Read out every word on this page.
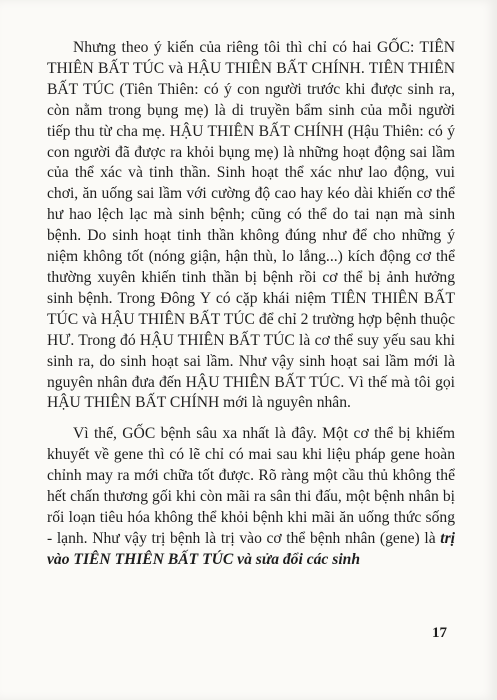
Nhưng theo ý kiến của riêng tôi thì chỉ có hai GỐC: TIÊN THIÊN BẤT TÚC và HẬU THIÊN BẤT CHÍNH. TIÊN THIÊN BẤT TÚC (Tiên Thiên: có ý con người trước khi được sinh ra, còn nằm trong bụng mẹ) là di truyền bẩm sinh của mỗi người tiếp thu từ cha mẹ. HẬU THIÊN BẤT CHÍNH (Hậu Thiên: có ý con người đã được ra khỏi bụng mẹ) là những hoạt động sai lầm của thể xác và tinh thần. Sinh hoạt thể xác như lao động, vui chơi, ăn uống sai lầm với cường độ cao hay kéo dài khiến cơ thể hư hao lệch lạc mà sinh bệnh; cũng có thể do tai nạn mà sinh bệnh. Do sinh hoạt tinh thần không đúng như để cho những ý niệm không tốt (nóng giận, hận thù, lo lắng...) kích động cơ thể thường xuyên khiến tinh thần bị bệnh rồi cơ thể bị ảnh hưởng sinh bệnh. Trong Đông Y có cặp khái niệm TIÊN THIÊN BẤT TÚC và HẬU THIÊN BẤT TÚC để chỉ 2 trường hợp bệnh thuộc HƯ. Trong đó HẬU THIÊN BẤT TÚC là cơ thể suy yếu sau khi sinh ra, do sinh hoạt sai lầm. Như vậy sinh hoạt sai lầm mới là nguyên nhân đưa đến HẬU THIÊN BẤT TÚC. Vì thế mà tôi gọi HẬU THIÊN BẤT CHÍNH mới là nguyên nhân.

Vì thế, GỐC bệnh sâu xa nhất là đây. Một cơ thể bị khiếm khuyết về gene thì có lẽ chỉ có mai sau khi liệu pháp gene hoàn chỉnh may ra mới chữa tốt được. Rõ ràng một cầu thủ không thể hết chấn thương gối khi còn mãi ra sân thi đấu, một bệnh nhân bị rối loạn tiêu hóa không thể khỏi bệnh khi mãi ăn uống thức sống - lạnh. Như vậy trị bệnh là trị vào cơ thể bệnh nhân (gene) là trị vào TIÊN THIÊN BẤT TÚC và sửa đổi các sinh

17
